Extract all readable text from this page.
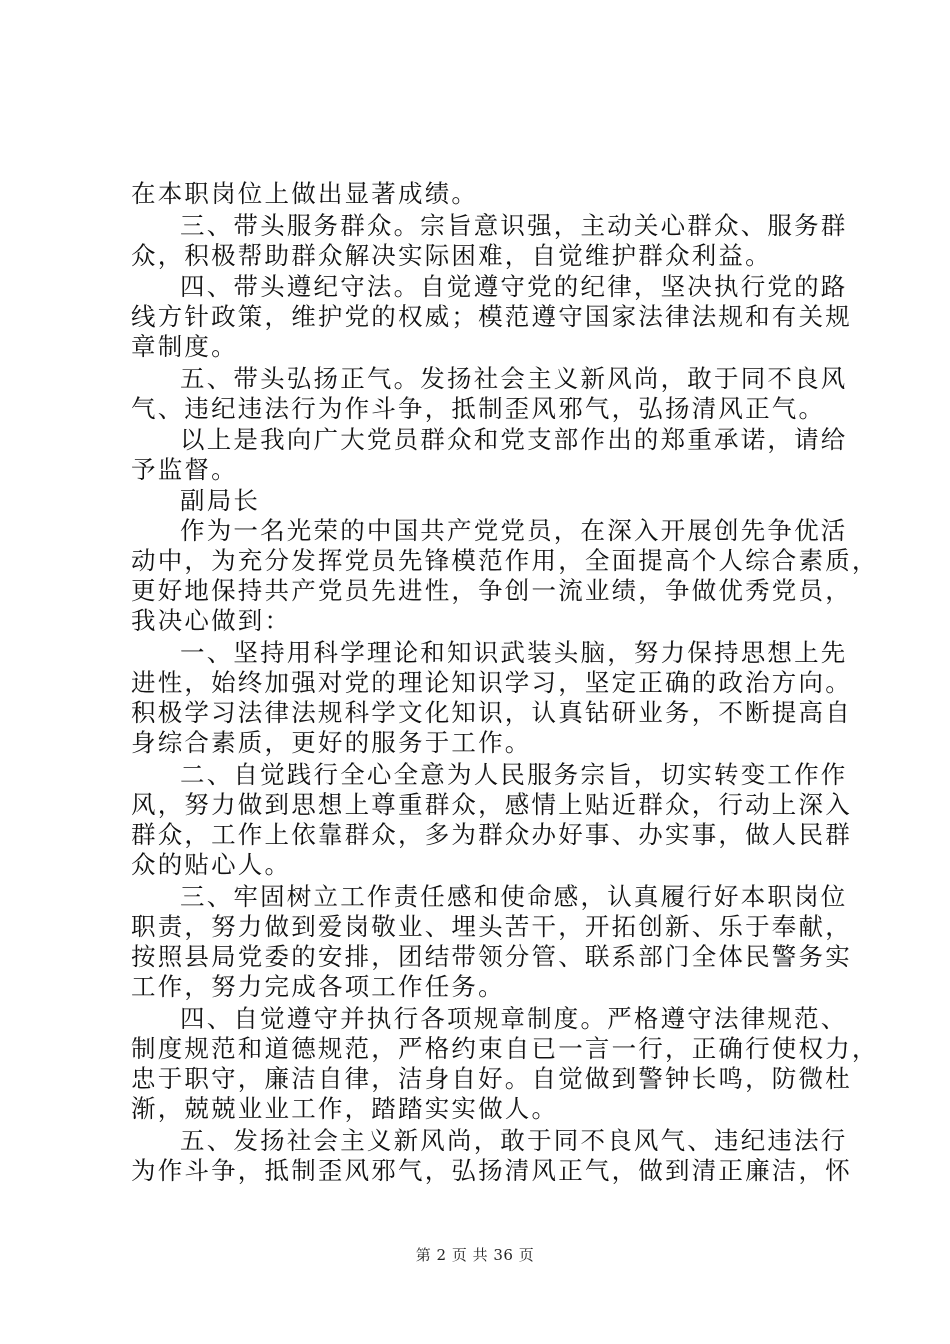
在本职岗位上做出显著成绩。

三、带头服务群众。宗旨意识强，主动关心群众、服务群

众，积极帮助群众解决实际困难，自觉维护群众利益。

四、带头遵纪守法。自觉遵守党的纪律，坚决执行党的路

线方针政策，维护党的权威；模范遵守国家法律法规和有关规

章制度。

五、带头弘扬正气。发扬社会主义新风尚，敢于同不良风

气、违纪违法行为作斗争，抵制歪风邪气，弘扬清风正气。

以上是我向广大党员群众和党支部作出的郑重承诺，请给

予监督。

副局长

作为一名光荣的中国共产党党员，在深入开展创先争优活

动中，为充分发挥党员先锋模范作用，全面提高个人综合素质，

更好地保持共产党员先进性，争创一流业绩，争做优秀党员，

我决心做到：

一、坚持用科学理论和知识武装头脑，努力保持思想上先

进性，始终加强对党的理论知识学习，坚定正确的政治方向。

积极学习法律法规科学文化知识，认真钻研业务，不断提高自

身综合素质，更好的服务于工作。

二、自觉践行全心全意为人民服务宗旨，切实转变工作作

风，努力做到思想上尊重群众，感情上贴近群众，行动上深入

群众，工作上依靠群众，多为群众办好事、办实事，做人民群

众的贴心人。

三、牢固树立工作责任感和使命感，认真履行好本职岗位

职责，努力做到爱岗敬业、埋头苦干，开拓创新、乐于奉献，

按照县局党委的安排，团结带领分管、联系部门全体民警务实

工作，努力完成各项工作任务。

四、自觉遵守并执行各项规章制度。严格遵守法律规范、

制度规范和道德规范，严格约束自已一言一行，正确行使权力，

忠于职守，廉洁自律，洁身自好。自觉做到警钟长鸣，防微杜

渐，兢兢业业工作，踏踏实实做人。

五、发扬社会主义新风尚，敢于同不良风气、违纪违法行

为作斗争，抵制歪风邪气，弘扬清风正气，做到清正廉洁，怀

第 2 页 共 36 页
